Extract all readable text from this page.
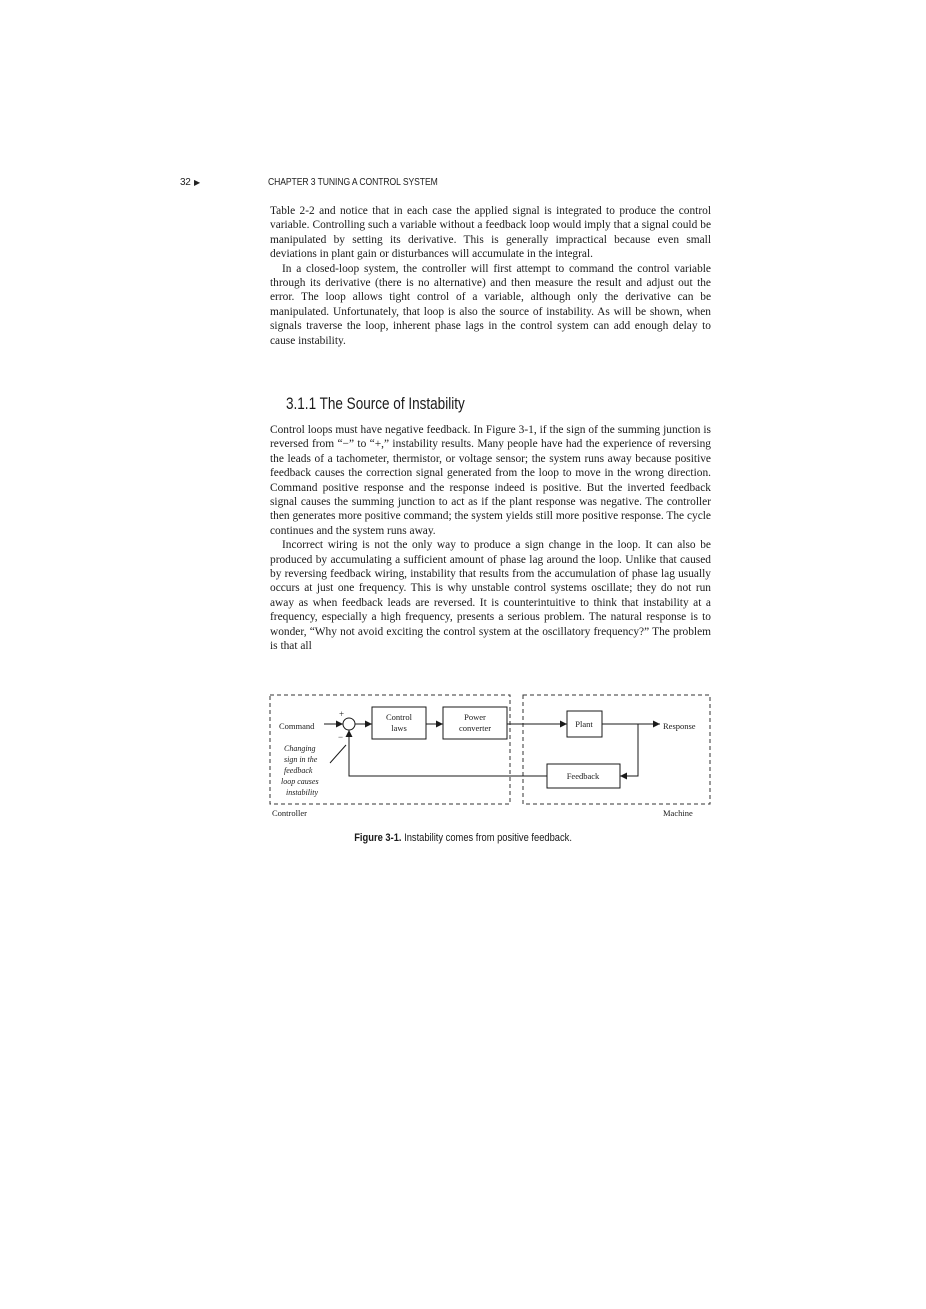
32 ▶	CHAPTER 3 TUNING A CONTROL SYSTEM

Table 2-2 and notice that in each case the applied signal is integrated to produce the control variable. Controlling such a variable without a feedback loop would imply that a signal could be manipulated by setting its derivative. This is generally impractical because even small deviations in plant gain or disturbances will accumulate in the integral.

In a closed-loop system, the controller will first attempt to command the control variable through its derivative (there is no alternative) and then measure the result and adjust out the error. The loop allows tight control of a variable, although only the derivative can be manipulated. Unfortunately, that loop is also the source of instability. As will be shown, when signals traverse the loop, inherent phase lags in the control system can add enough delay to cause instability.

3.1.1 The Source of Instability

Control loops must have negative feedback. In Figure 3-1, if the sign of the summing junction is reversed from “−” to “+,” instability results. Many people have had the experience of reversing the leads of a tachometer, thermistor, or voltage sensor; the system runs away because positive feedback causes the correction signal generated from the loop to move in the wrong direction. Command positive response and the response indeed is positive. But the inverted feedback signal causes the summing junction to act as if the plant response was negative. The controller then generates more positive command; the system yields still more positive response. The cycle continues and the system runs away.

Incorrect wiring is not the only way to produce a sign change in the loop. It can also be produced by accumulating a sufficient amount of phase lag around the loop. Unlike that caused by reversing feedback wiring, instability that results from the accumulation of phase lag usually occurs at just one frequency. This is why unstable control systems oscillate; they do not run away as when feedback leads are reversed. It is counterintuitive to think that instability at a frequency, especially a high frequency, presents a serious problem. The natural response is to wonder, “Why not avoid exciting the control system at the oscillatory frequency?” The problem is that all

Control
laws
Power
converter	Plant
Feedback
Command	Response
+
−
Changing sign in the feedback loop causes instability
Controller	Machine
Figure 3-1. Instability comes from positive feedback.
